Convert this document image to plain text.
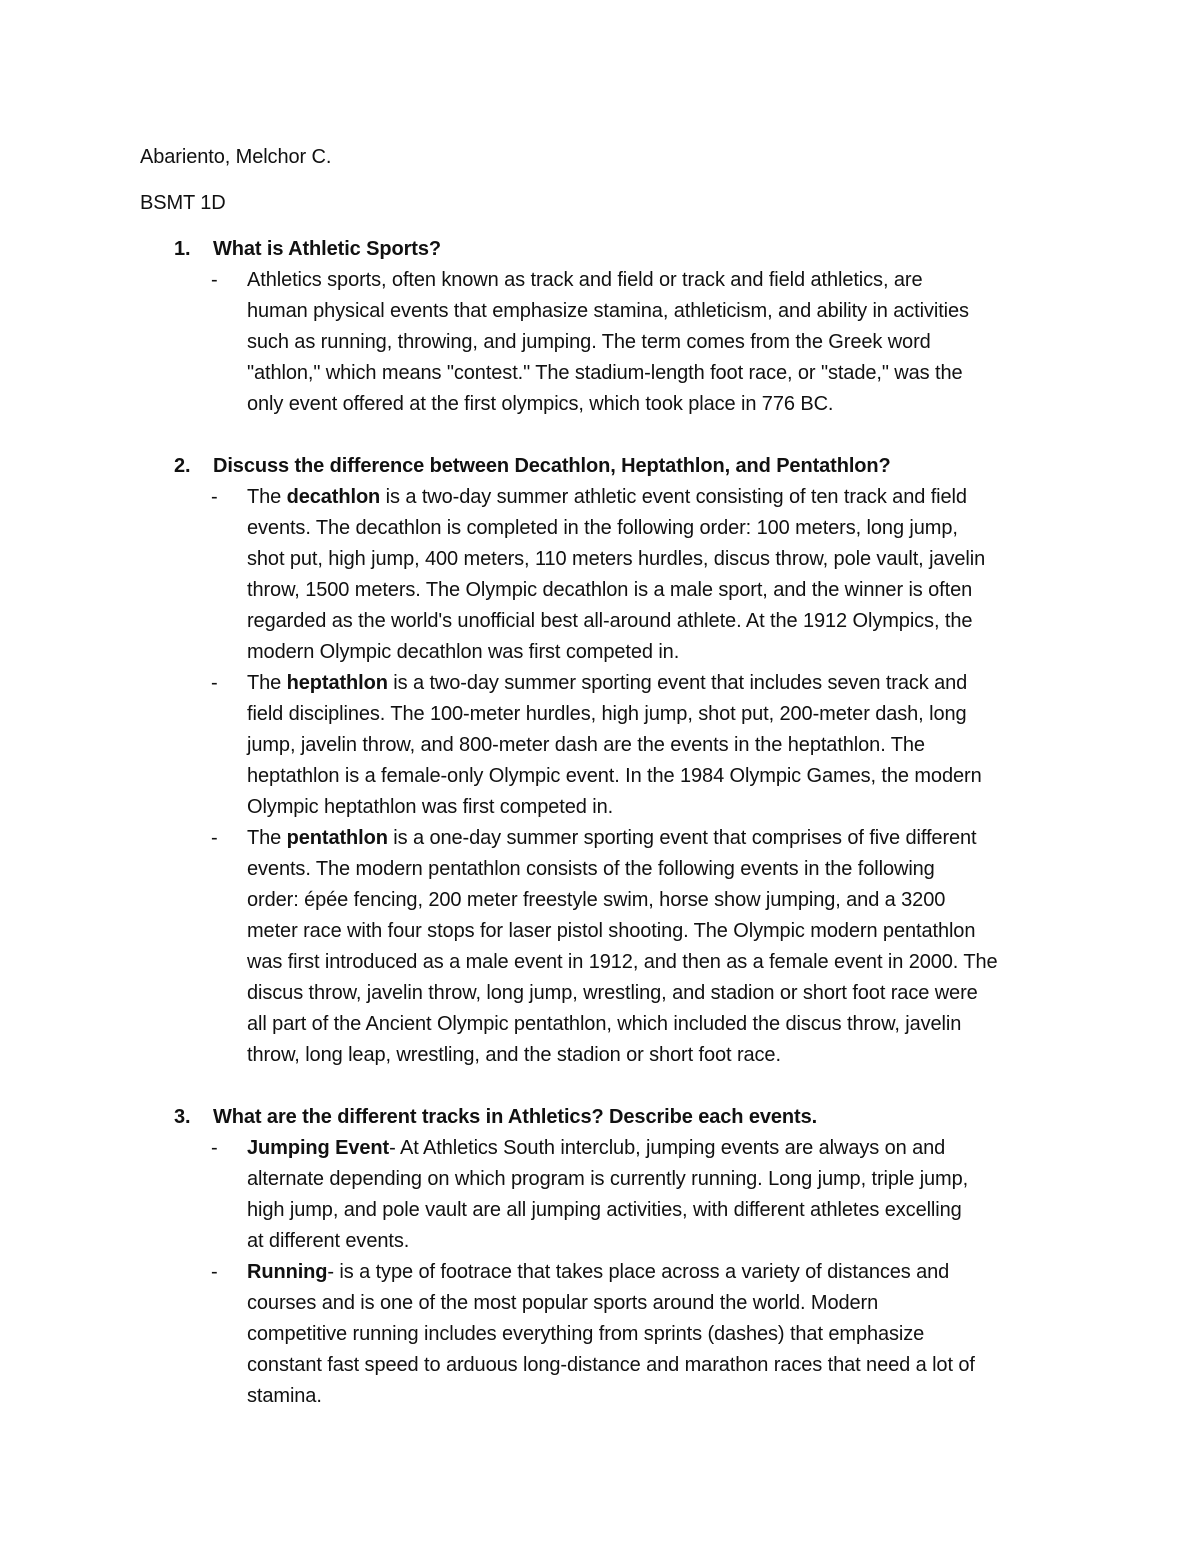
Abariento, Melchor C.
BSMT 1D
1. What is Athletic Sports?
- Athletics sports, often known as track and field or track and field athletics, are
human physical events that emphasize stamina, athleticism, and ability in activities
such as running, throwing, and jumping. The term comes from the Greek word
"athlon," which means "contest." The stadium-length foot race, or "stade," was the
only event offered at the first olympics, which took place in 776 BC.
2. Discuss the difference between Decathlon, Heptathlon, and Pentathlon?
- The decathlon is a two-day summer athletic event consisting of ten track and field
events. The decathlon is completed in the following order: 100 meters, long jump,
shot put, high jump, 400 meters, 110 meters hurdles, discus throw, pole vault, javelin
throw, 1500 meters. The Olympic decathlon is a male sport, and the winner is often
regarded as the world's unofficial best all-around athlete. At the 1912 Olympics, the
modern Olympic decathlon was first competed in.
- The heptathlon is a two-day summer sporting event that includes seven track and
field disciplines. The 100-meter hurdles, high jump, shot put, 200-meter dash, long
jump, javelin throw, and 800-meter dash are the events in the heptathlon. The
heptathlon is a female-only Olympic event. In the 1984 Olympic Games, the modern
Olympic heptathlon was first competed in.
- The pentathlon is a one-day summer sporting event that comprises of five different
events. The modern pentathlon consists of the following events in the following
order: épée fencing, 200 meter freestyle swim, horse show jumping, and a 3200
meter race with four stops for laser pistol shooting. The Olympic modern pentathlon
was first introduced as a male event in 1912, and then as a female event in 2000. The
discus throw, javelin throw, long jump, wrestling, and stadion or short foot race were
all part of the Ancient Olympic pentathlon, which included the discus throw, javelin
throw, long leap, wrestling, and the stadion or short foot race.
3. What are the different tracks in Athletics? Describe each events.
- Jumping Event- At Athletics South interclub, jumping events are always on and
alternate depending on which program is currently running. Long jump, triple jump,
high jump, and pole vault are all jumping activities, with different athletes excelling
at different events.
- Running- is a type of footrace that takes place across a variety of distances and
courses and is one of the most popular sports around the world. Modern
competitive running includes everything from sprints (dashes) that emphasize
constant fast speed to arduous long-distance and marathon races that need a lot of
stamina.
